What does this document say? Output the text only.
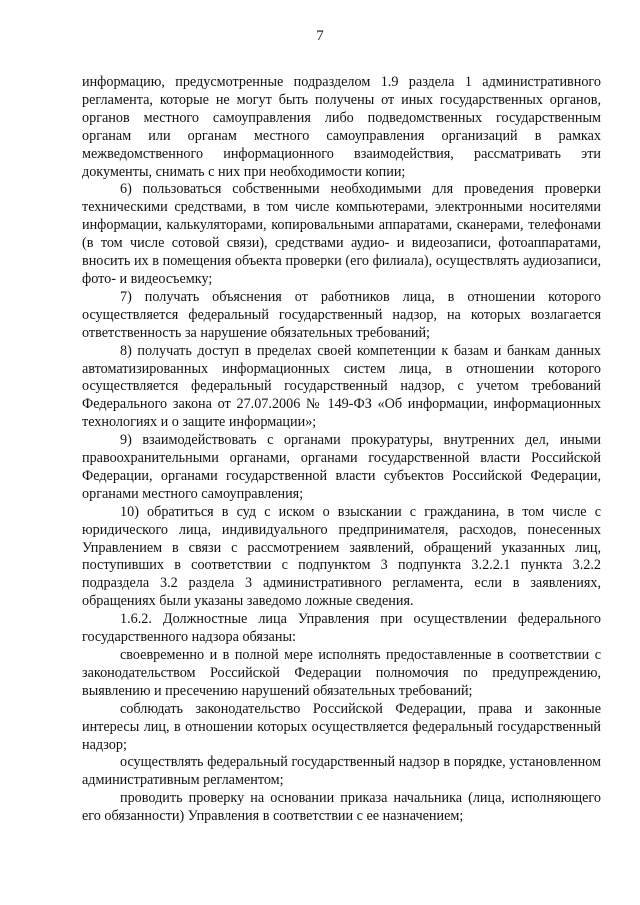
7

информацию, предусмотренные подразделом 1.9 раздела 1 административного регламента, которые не могут быть получены от иных государственных органов, органов местного самоуправления либо подведомственных государственным органам или органам местного самоуправления организаций в рамках межведомственного информационного взаимодействия, рассматривать эти документы, снимать с них при необходимости копии;

6) пользоваться собственными необходимыми для проведения проверки техническими средствами, в том числе компьютерами, электронными носителями информации, калькуляторами, копировальными аппаратами, сканерами, телефонами (в том числе сотовой связи), средствами аудио- и видеозаписи, фотоаппаратами, вносить их в помещения объекта проверки (его филиала), осуществлять аудиозаписи, фото- и видеосъемку;

7) получать объяснения от работников лица, в отношении которого осуществляется федеральный государственный надзор, на которых возлагается ответственность за нарушение обязательных требований;

8) получать доступ в пределах своей компетенции к базам и банкам данных автоматизированных информационных систем лица, в отношении которого осуществляется федеральный государственный надзор, с учетом требований Федерального закона от 27.07.2006 № 149-ФЗ «Об информации, информационных технологиях и о защите информации»;

9) взаимодействовать с органами прокуратуры, внутренних дел, иными правоохранительными органами, органами государственной власти Российской Федерации, органами государственной власти субъектов Российской Федерации, органами местного самоуправления;

10) обратиться в суд с иском о взыскании с гражданина, в том числе с юридического лица, индивидуального предпринимателя, расходов, понесенных Управлением в связи с рассмотрением заявлений, обращений указанных лиц, поступивших в соответствии с подпунктом 3 подпункта 3.2.2.1 пункта 3.2.2 подраздела 3.2 раздела 3 административного регламента, если в заявлениях, обращениях были указаны заведомо ложные сведения.

1.6.2. Должностные лица Управления при осуществлении федерального государственного надзора обязаны:

своевременно и в полной мере исполнять предоставленные в соответствии с законодательством Российской Федерации полномочия по предупреждению, выявлению и пресечению нарушений обязательных требований;

соблюдать законодательство Российской Федерации, права и законные интересы лиц, в отношении которых осуществляется федеральный государственный надзор;

осуществлять федеральный государственный надзор в порядке, установленном административным регламентом;

проводить проверку на основании приказа начальника (лица, исполняющего его обязанности) Управления в соответствии с ее назначением;
